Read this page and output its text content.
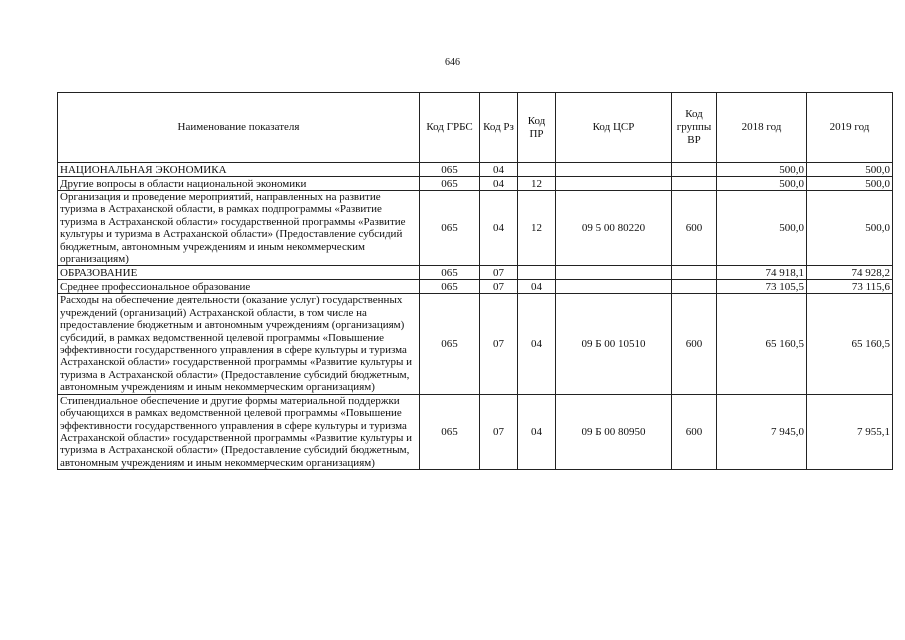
646
Наименование показателя	Код ГРБС	Код Рз	Код ПР	Код ЦСР	Код группы ВР	2018 год	2019 год
НАЦИОНАЛЬНАЯ ЭКОНОМИКА	065	04				500,0	500,0
Другие вопросы в области национальной экономики	065	04	12			500,0	500,0
Организация и проведение мероприятий, направленных на развитие туризма в Астраханской области, в рамках подпрограммы «Развитие туризма в Астраханской области» государственной программы «Развитие культуры и туризма в Астраханской области» (Предоставление субсидий бюджетным, автономным учреждениям и иным некоммерческим организациям)	065	04	12	09 5 00 80220	600	500,0	500,0
ОБРАЗОВАНИЕ	065	07				74 918,1	74 928,2
Среднее профессиональное образование	065	07	04			73 105,5	73 115,6
Расходы на обеспечение деятельности (оказание услуг) государственных учреждений (организаций) Астраханской области, в том числе на предоставление бюджетным и автономным учреждениям (организациям) субсидий, в рамках ведомственной целевой программы «Повышение эффективности государственного управления в сфере культуры и туризма Астраханской области» государственной программы «Развитие культуры и туризма в Астраханской области» (Предоставление субсидий бюджетным, автономным учреждениям и иным некоммерческим организациям)	065	07	04	09 Б 00 10510	600	65 160,5	65 160,5
Стипендиальное обеспечение и другие формы материальной поддержки обучающихся в рамках ведомственной целевой программы «Повышение эффективности государственного управления в сфере культуры и туризма Астраханской области» государственной программы «Развитие культуры и туризма в Астраханской области» (Предоставление субсидий бюджетным, автономным учреждениям и иным некоммерческим организациям)	065	07	04	09 Б 00 80950	600	7 945,0	7 955,1
